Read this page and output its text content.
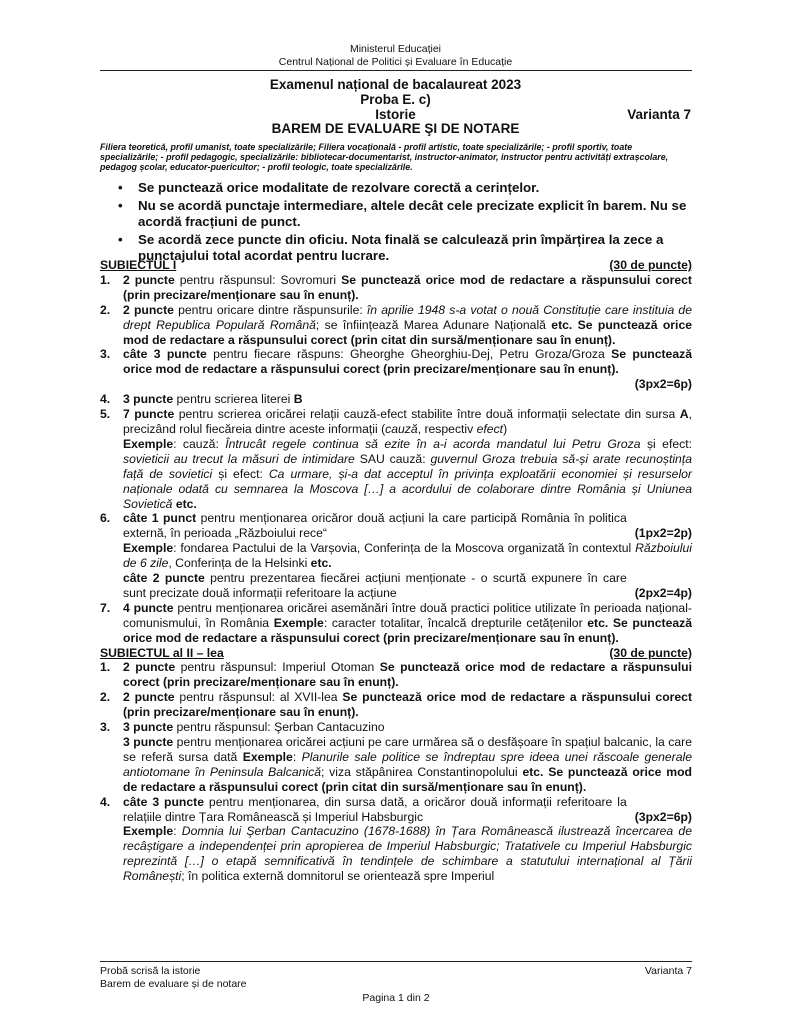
Ministerul Educației
Centrul Național de Politici și Evaluare în Educație
Examenul național de bacalaureat 2023
Proba E. c)
Istorie	Varianta 7
BAREM DE EVALUARE ŞI DE NOTARE
Filiera teoretică, profil umanist, toate specializările; Filiera vocațională - profil artistic, toate specializările; - profil sportiv, toate specializările; - profil pedagogic, specializările: bibliotecar-documentarist, instructor-animator, instructor pentru activități extrașcolare, pedagog școlar, educator-puericultor; - profil teologic, toate specializările.
• Se punctează orice modalitate de rezolvare corectă a cerințelor.
• Nu se acordă punctaje intermediare, altele decât cele precizate explicit în barem. Nu se acordă fracțiuni de punct.
• Se acordă zece puncte din oficiu. Nota finală se calculează prin împărțirea la zece a punctajului total acordat pentru lucrare.
SUBIECTUL I	(30 de puncte)
1. 2 puncte pentru răspunsul: Sovromuri Se punctează orice mod de redactare a răspunsului corect (prin precizare/menționare sau în enunț).
2. 2 puncte pentru oricare dintre răspunsurile: în aprilie 1948 s-a votat o nouă Constituție care instituia de drept Republica Populară Română; se înființează Marea Adunare Națională etc. Se punctează orice mod de redactare a răspunsului corect (prin citat din sursă/menționare sau în enunț).
3. câte 3 puncte pentru fiecare răspuns: Gheorghe Gheorghiu-Dej, Petru Groza/Groza Se punctează orice mod de redactare a răspunsului corect (prin precizare/menționare sau în enunț).
(3px2=6p)
4. 3 puncte pentru scrierea literei B
5. 7 puncte pentru scrierea oricărei relații cauză-efect stabilite între două informații selectate din sursa A, precizând rolul fiecăreia dintre aceste informații (cauză, respectiv efect)
Exemple: cauză: Întrucât regele continua să ezite în a-i acorda mandatul lui Petru Groza și efect: sovieticii au trecut la măsuri de intimidare SAU cauză: guvernul Groza trebuia să-și arate recunoștința față de sovietici și efect: Ca urmare, și-a dat acceptul în privința exploatării economiei și resurselor naționale odată cu semnarea la Moscova […] a acordului de colaborare dintre România și Uniunea Sovietică etc.
6. câte 1 punct pentru menționarea oricăror două acțiuni la care participă România în politica externă, în perioada „Războiului rece“	(1px2=2p)
Exemple: fondarea Pactului de la Varșovia, Conferința de la Moscova organizată în contextul Războiului de 6 zile, Conferința de la Helsinki etc.
câte 2 puncte pentru prezentarea fiecărei acțiuni menționate - o scurtă expunere în care sunt precizate două informații referitoare la acțiune	(2px2=4p)
7. 4 puncte pentru menționarea oricărei asemănări între două practici politice utilizate în perioada național-comunismului, în România Exemple: caracter totalitar, încalcă drepturile cetățenilor etc. Se punctează orice mod de redactare a răspunsului corect (prin precizare/menționare sau în enunț).
SUBIECTUL al II – lea	(30 de puncte)
1. 2 puncte pentru răspunsul: Imperiul Otoman Se punctează orice mod de redactare a răspunsului corect (prin precizare/menționare sau în enunț).
2. 2 puncte pentru răspunsul: al XVII-lea Se punctează orice mod de redactare a răspunsului corect (prin precizare/menționare sau în enunț).
3. 3 puncte pentru răspunsul: Şerban Cantacuzino
3 puncte pentru menționarea oricărei acțiuni pe care urmărea să o desfășoare în spațiul balcanic, la care se referă sursa dată Exemple: Planurile sale politice se îndreptau spre ideea unei răscoale generale antiotomane în Peninsula Balcanică; viza stăpânirea Constantinopolului etc. Se punctează orice mod de redactare a răspunsului corect (prin citat din sursă/menționare sau în enunț).
4. câte 3 puncte pentru menționarea, din sursa dată, a oricăror două informații referitoare la relațiile dintre Țara Românească și Imperiul Habsburgic	(3px2=6p)
Exemple: Domnia lui Şerban Cantacuzino (1678-1688) în Țara Românească ilustrează încercarea de recâștigare a independenței prin apropierea de Imperiul Habsburgic; Tratativele cu Imperiul Habsburgic reprezintă […] o etapă semnificativă în tendințele de schimbare a statutului internațional al Țării Românești; în politica externă domnitorul se orientează spre Imperiul
Probă scrisă la istorie	Varianta 7
Barem de evaluare și de notare
Pagina 1 din 2
